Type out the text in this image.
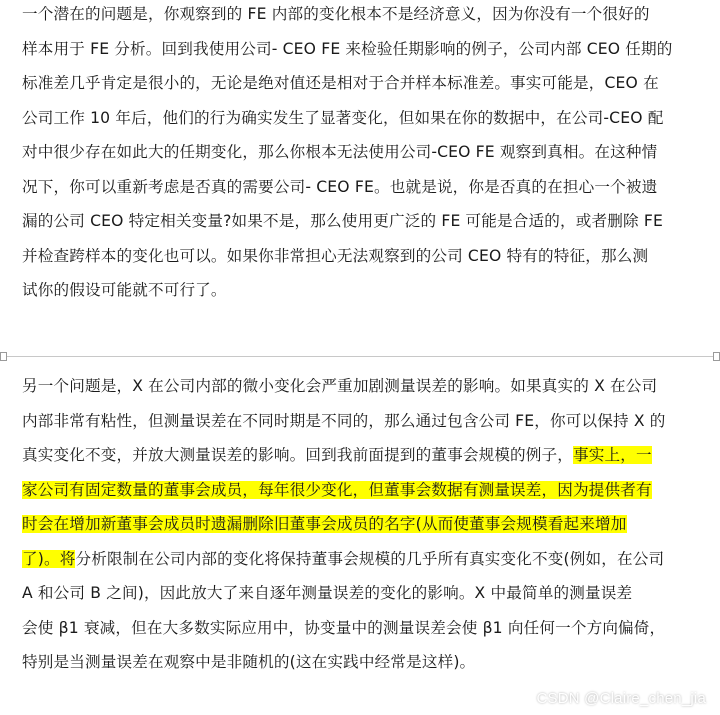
一个潜在的问题是，你观察到的 FE 内部的变化根本不是经济意义，因为你没有一个很好的
样本用于 FE 分析。回到我使用公司- CEO FE 来检验任期影响的例子，公司内部 CEO 任期的
标准差几乎肯定是很小的，无论是绝对值还是相对于合并样本标准差。事实可能是，CEO 在
公司工作 10 年后，他们的行为确实发生了显著变化，但如果在你的数据中，在公司-CEO 配
对中很少存在如此大的任期变化，那么你根本无法使用公司-CEO FE 观察到真相。在这种情
况下，你可以重新考虑是否真的需要公司- CEO FE。也就是说，你是否真的在担心一个被遗
漏的公司 CEO 特定相关变量?如果不是，那么使用更广泛的 FE 可能是合适的，或者删除 FE
并检查跨样本的变化也可以。如果你非常担心无法观察到的公司 CEO 特有的特征，那么测
试你的假设可能就不可行了。
另一个问题是，X 在公司内部的微小变化会严重加剧测量误差的影响。如果真实的 X 在公司
内部非常有粘性，但测量误差在不同时期是不同的，那么通过包含公司 FE，你可以保持 X 的
真实变化不变，并放大测量误差的影响。回到我前面提到的董事会规模的例子，事实上，一
家公司有固定数量的董事会成员，每年很少变化，但董事会数据有测量误差，因为提供者有
时会在增加新董事会成员时遗漏删除旧董事会成员的名字(从而使董事会规模看起来增加
了)。将分析限制在公司内部的变化将保持董事会规模的几乎所有真实变化不变(例如，在公司
A 和公司 B 之间)，因此放大了来自逐年测量误差的变化的影响。X 中最简单的测量误差
会使 β1 衰减，但在大多数实际应用中，协变量中的测量误差会使 β1 向任何一个方向偏倚，
特别是当测量误差在观察中是非随机的(这在实践中经常是这样)。
CSDN @Claire_chen_jia
